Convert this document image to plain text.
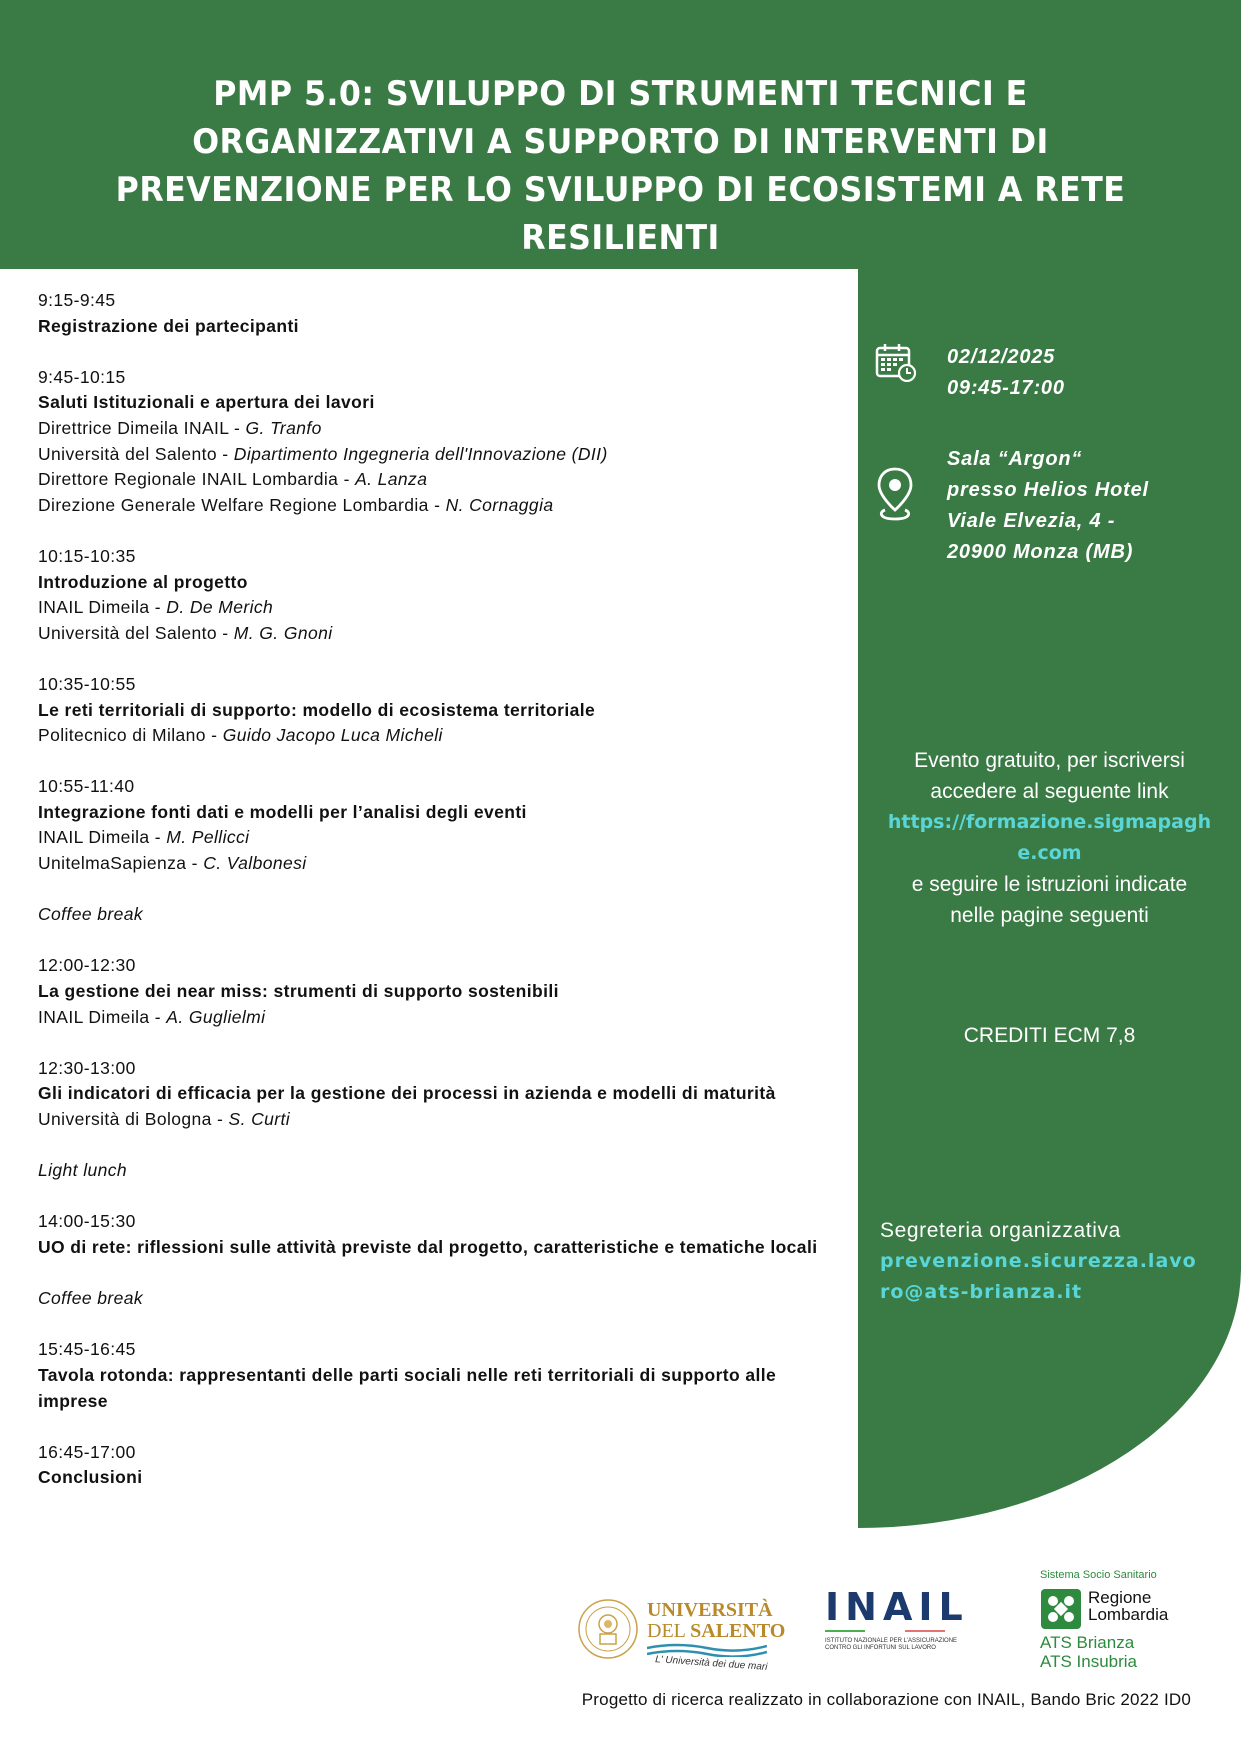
PMP 5.0: SVILUPPO DI STRUMENTI TECNICI E ORGANIZZATIVI A SUPPORTO DI INTERVENTI DI PREVENZIONE PER LO SVILUPPO DI ECOSISTEMI A RETE RESILIENTI
9:15-9:45
Registrazione dei partecipanti
9:45-10:15
Saluti Istituzionali e apertura dei lavori
Direttrice Dimeila INAIL - G. Tranfo
Università del Salento - Dipartimento Ingegneria dell'Innovazione (DII)
Direttore Regionale INAIL Lombardia - A. Lanza
Direzione Generale Welfare Regione Lombardia - N. Cornaggia
10:15-10:35
Introduzione al progetto
INAIL Dimeila - D. De Merich
Università del Salento - M. G. Gnoni
10:35-10:55
Le reti territoriali di supporto: modello di ecosistema territoriale
Politecnico di Milano - Guido Jacopo Luca Micheli
10:55-11:40
Integrazione fonti dati e modelli per l’analisi degli eventi
INAIL Dimeila - M. Pellicci
UnitelmaSapienza - C. Valbonesi
Coffee break
12:00-12:30
La gestione dei near miss: strumenti di supporto sostenibili
INAIL Dimeila - A. Guglielmi
12:30-13:00
Gli indicatori di efficacia per la gestione dei processi in azienda e modelli di maturità
Università di Bologna - S. Curti
Light lunch
14:00-15:30
UO di rete: riflessioni sulle attività previste dal progetto, caratteristiche e tematiche locali
Coffee break
15:45-16:45
Tavola rotonda: rappresentanti delle parti sociali nelle reti territoriali di supporto alle imprese
16:45-17:00
Conclusioni
02/12/2025
09:45-17:00
Sala “Argon“
presso Helios Hotel
Viale Elvezia, 4 -
20900 Monza (MB)
Evento gratuito, per iscriversi
accedere al seguente link
https://formazione.sigmapagh
e.com
e seguire le istruzioni indicate
nelle pagine seguenti
CREDITI ECM 7,8
Segreteria organizzativa
prevenzione.sicurezza.lavo
ro@ats-brianza.it
UNIVERSITÀ
DEL SALENTO
L' Università dei due mari
INAIL
ISTITUTO NAZIONALE PER L'ASSICURAZIONE
CONTRO GLI INFORTUNI SUL LAVORO
Sistema Socio Sanitario
Regione
Lombardia
ATS Brianza
ATS Insubria
Progetto di ricerca realizzato in collaborazione con INAIL, Bando Bric 2022 ID0
